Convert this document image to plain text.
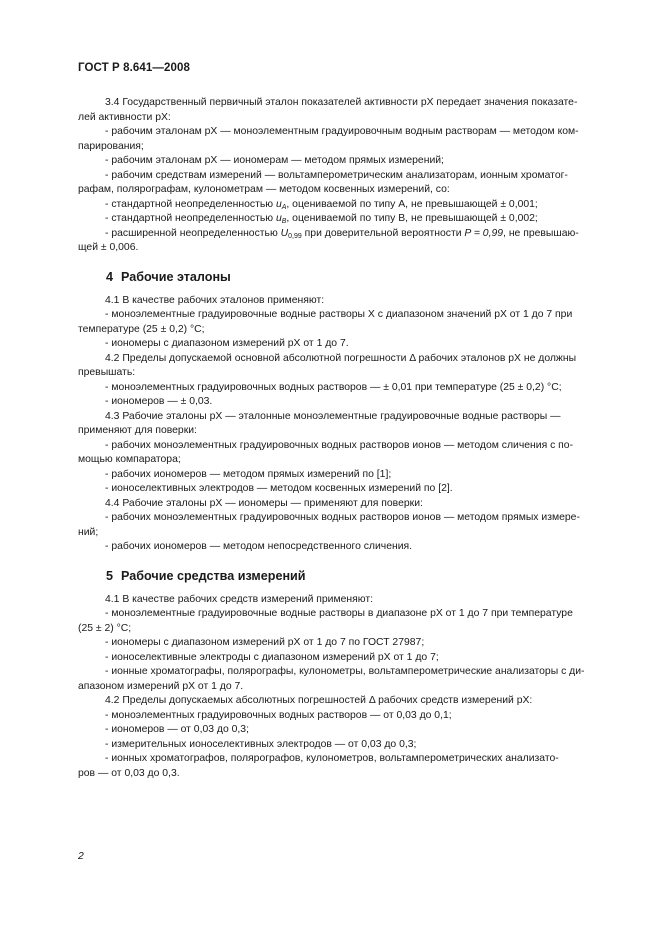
ГОСТ Р 8.641—2008

3.4 Государственный первичный эталон показателей активности pX передает значения показате-
лей активности pX:

- рабочим эталонам pX — моноэлементным градуировочным водным растворам — методом ком-
парирования;

- рабочим эталонам pX — иономерам — методом прямых измерений;

- рабочим средствам измерений — вольтамперометрическим анализаторам, ионным хроматог-
рафам, полярографам, кулонометрам — методом косвенных измерений, со:

- стандартной неопределенностью $u_A$, оцениваемой по типу А, не превышающей ± 0,001;

- стандартной неопределенностью $u_B$, оцениваемой по типу В, не превышающей ± 0,002;

- расширенной неопределенностью $U_{0,99}$ при доверительной вероятности P = 0,99, не превышаю-
щей ± 0,006.

4 Рабочие эталоны

4.1 В качестве рабочих эталонов применяют:

- моноэлементные градуировочные водные растворы X с диапазоном значений pX от 1 до 7 при
температуре (25 ± 0,2) °C;

- иономеры с диапазоном измерений pX от 1 до 7.

4.2 Пределы допускаемой основной абсолютной погрешности Δ рабочих эталонов pX не должны
превышать:

- моноэлементных градуировочных водных растворов — ± 0,01 при температуре (25 ± 0,2) °C;

- иономеров — ± 0,03.

4.3 Рабочие эталоны pX — эталонные моноэлементные градуировочные водные растворы —
применяют для поверки:

- рабочих моноэлементных градуировочных водных растворов ионов — методом сличения с по-
мощью компаратора;

- рабочих иономеров — методом прямых измерений по [1];

- ионоселективных электродов — методом косвенных измерений по [2].

4.4 Рабочие эталоны pX — иономеры — применяют для поверки:

- рабочих моноэлементных градуировочных водных растворов ионов — методом прямых измере-
ний;

- рабочих иономеров — методом непосредственного сличения.

5 Рабочие средства измерений

4.1 В качестве рабочих средств измерений применяют:

- моноэлементные градуировочные водные растворы в диапазоне pX от 1 до 7 при температуре
(25 ± 2) °C;

- иономеры с диапазоном измерений pX от 1 до 7 по ГОСТ 27987;

- ионоселективные электроды с диапазоном измерений pX от 1 до 7;

- ионные хроматографы, полярографы, кулонометры, вольтамперометрические анализаторы с ди-
апазоном измерений pX от 1 до 7.

4.2 Пределы допускаемых абсолютных погрешностей Δ рабочих средств измерений pX:

- моноэлементных градуировочных водных растворов — от 0,03 до 0,1;

- иономеров — от 0,03 до 0,3;

- измерительных ионоселективных электродов — от 0,03 до 0,3;

- ионных хроматографов, полярографов, кулонометров, вольтамперометрических анализато-
ров — от 0,03 до 0,3.

2
